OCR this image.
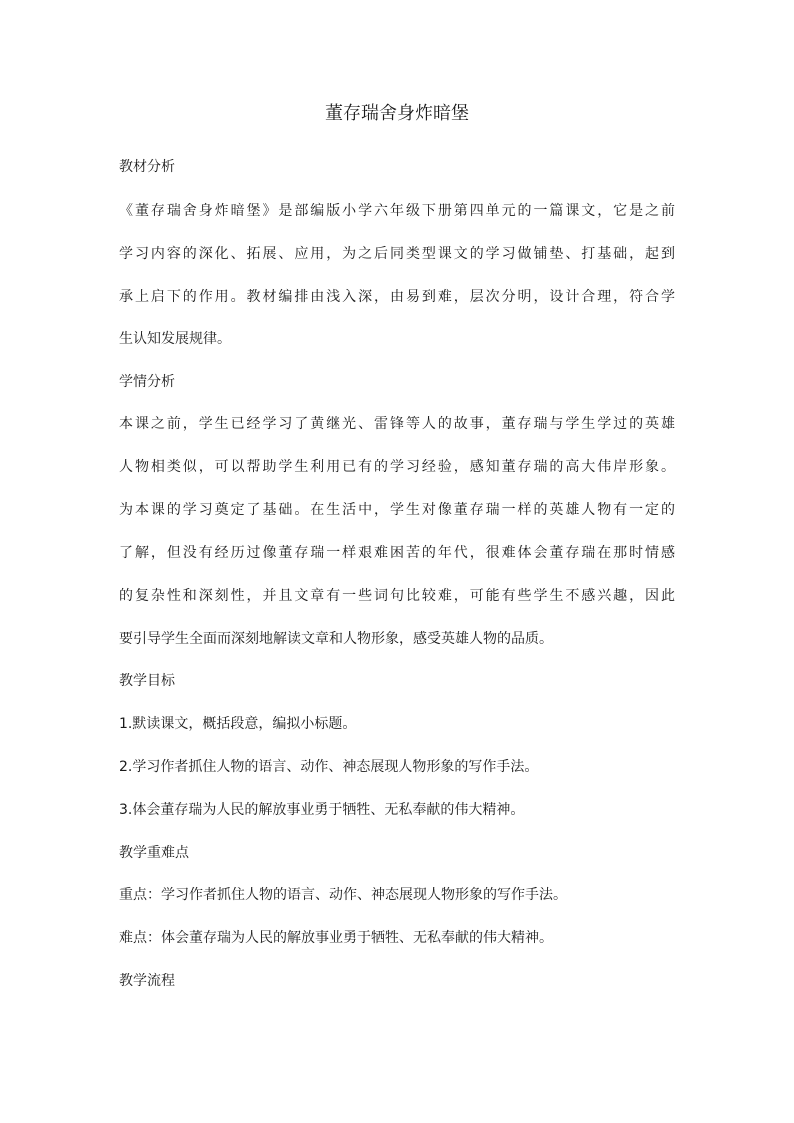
董存瑞舍身炸暗堡

教材分析

《董存瑞舍身炸暗堡》是部编版小学六年级下册第四单元的一篇课文，它是之前

学习内容的深化、拓展、应用，为之后同类型课文的学习做铺垫、打基础，起到

承上启下的作用。教材编排由浅入深，由易到难，层次分明，设计合理，符合学

生认知发展规律。

学情分析

本课之前，学生已经学习了黄继光、雷锋等人的故事，董存瑞与学生学过的英雄

人物相类似，可以帮助学生利用已有的学习经验，感知董存瑞的高大伟岸形象。

为本课的学习奠定了基础。在生活中，学生对像董存瑞一样的英雄人物有一定的

了解，但没有经历过像董存瑞一样艰难困苦的年代，很难体会董存瑞在那时情感

的复杂性和深刻性，并且文章有一些词句比较难，可能有些学生不感兴趣，因此

要引导学生全面而深刻地解读文章和人物形象，感受英雄人物的品质。

教学目标

1.默读课文，概括段意，编拟小标题。

2.学习作者抓住人物的语言、动作、神态展现人物形象的写作手法。

3.体会董存瑞为人民的解放事业勇于牺牲、无私奉献的伟大精神。

教学重难点

重点：学习作者抓住人物的语言、动作、神态展现人物形象的写作手法。

难点：体会董存瑞为人民的解放事业勇于牺牲、无私奉献的伟大精神。

教学流程
